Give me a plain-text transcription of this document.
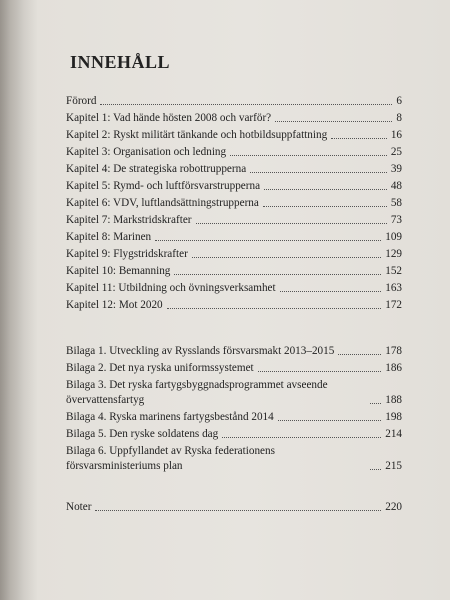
INNEHÅLL
Förord	6
Kapitel 1: Vad hände hösten 2008 och varför?	8
Kapitel 2: Ryskt militärt tänkande och hotbildsuppfattning	16
Kapitel 3: Organisation och ledning	25
Kapitel 4: De strategiska robottrupperna	39
Kapitel 5: Rymd- och luftförsvarstrupperna	48
Kapitel 6: VDV, luftlandsättningstrupperna	58
Kapitel 7: Markstridskrafter	73
Kapitel 8: Marinen	109
Kapitel 9: Flygstridskrafter	129
Kapitel 10: Bemanning	152
Kapitel 11: Utbildning och övningsverksamhet	163
Kapitel 12: Mot 2020	172
Bilaga 1. Utveckling av Rysslands försvarsmakt 2013–2015	178
Bilaga 2. Det nya ryska uniformssystemet	186
Bilaga 3. Det ryska fartygsbyggnadsprogrammet avseende övervattensfartyg	188
Bilaga 4. Ryska marinens fartygsbestånd 2014	198
Bilaga 5. Den ryske soldatens dag	214
Bilaga 6. Uppfyllandet av Ryska federationens försvarsministeriums plan	215
Noter	220
